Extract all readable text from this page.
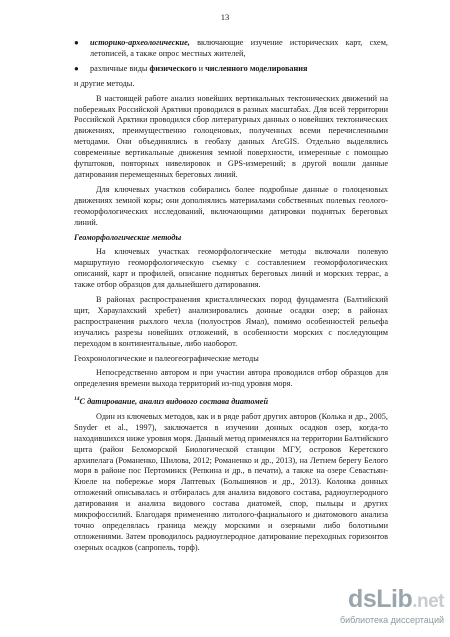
13
●	историко-археологические, включающие изучение исторических карт, схем, летописей, а также опрос местных жителей,
●	различные виды физического и численного моделирования

и другие методы.

В настоящей работе анализ новейших вертикальных тектонических движений на побережьях Российской Арктики проводился в разных масштабах. Для всей территории Российской Арктики проводился сбор литературных данных о новейших тектонических движениях, преимущественно голоценовых, полученных всеми перечисленными методами. Они объединялись в геобазу данных ArcGIS. Отдельно выделялись современные вертикальные движения земной поверхности, измеренные с помощью футштоков, повторных нивелировок и GPS-измерений; в другой вошли данные датирования перемещенных береговых линий.

Для ключевых участков собирались более подробные данные о голоценовых движениях земной коры; они дополнялись материалами собственных полевых геолого-геоморфологических исследований, включающими датировки поднятых береговых линий.

Геоморфологические методы

На ключевых участках геоморфологические методы включали полевую маршрутную геоморфологическую съемку с составлением геоморфологических описаний, карт и профилей, описание поднятых береговых линий и морских террас, а также отбор образцов для дальнейшего датирования.

В районах распространения кристаллических пород фундамента (Балтийский щит, Хараулахский хребет) анализировались донные осадки озер; в районах распространения рыхлого чехла (полуостров Ямал), помимо особенностей рельефа изучались разрезы новейших отложений, в особенности морских с последующим переходом в континентальные, либо наоборот.

Геохронологические и палеогеографические методы

Непосредственно автором и при участии автора проводился отбор образцов для определения времени выхода территорий из-под уровня моря.

$^{14}$С датирование, анализ видового состава диатомей

Один из ключевых методов, как и в ряде работ других авторов (Колька и др., 2005, Snyder et al., 1997), заключается в изучении донных осадков озер, когда-то находившихся ниже уровня моря. Данный метод применялся на территории Балтийского щита (район Беломорской Биологической станции МГУ, островов Керетского архипелага (Романенко, Шилова, 2012; Романенко и др., 2013), на Летнем берегу Белого моря в районе пос Пертоминск (Репкина и др., в печати), а также на озере Севастьян-Кюеле на побережье моря Лаптевых (Большиянов и др., 2013). Колонка донных отложений описывалась и отбиралась для анализа видового состава, радиоуглеродного датирования и анализа видового состава диатомей, спор, пыльцы и других микрофоссилий. Благодаря примененню литолого-фациального и диатомового анализа точно определялась граница между морскими и озерными либо болотными отложениями. Затем проводилось радиоуглеродное датирование переходных горизонтов озерных осадков (сапропель, торф).

dsLib.net
библиотека диссертаций
